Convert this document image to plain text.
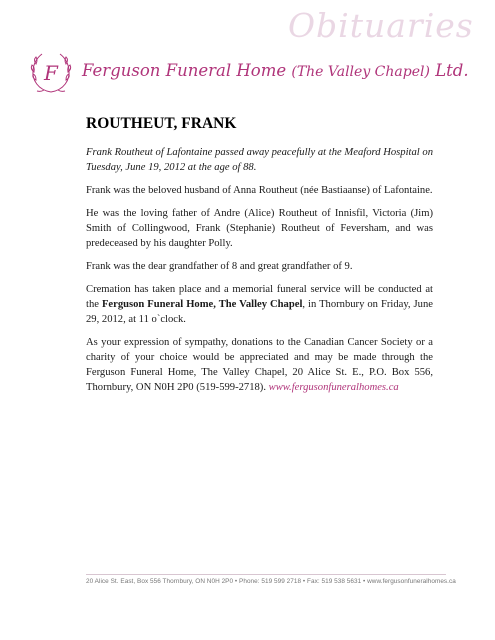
Obituaries
F Ferguson Funeral Home (The Valley Chapel) Ltd.
ROUTHEUT, FRANK

Frank Routheut of Lafontaine passed away peacefully at the Meaford Hospital on Tuesday, June 19, 2012 at the age of 88.

Frank was the beloved husband of Anna Routheut (née Bastiaanse) of Lafontaine.

He was the loving father of Andre (Alice) Routheut of Innisfil, Victoria (Jim) Smith of Collingwood, Frank (Stephanie) Routheut of Feversham, and was predeceased by his daughter Polly.

Frank was the dear grandfather of 8 and great grandfather of 9.

Cremation has taken place and a memorial funeral service will be conducted at the Ferguson Funeral Home, The Valley Chapel, in Thornbury on Friday, June 29, 2012, at 11 o`clock.

As your expression of sympathy, donations to the Canadian Cancer Society or a charity of your choice would be appreciated and may be made through the Ferguson Funeral Home, The Valley Chapel, 20 Alice St. E., P.O. Box 556, Thornbury, ON N0H 2P0 (519-599-2718). www.fergusonfuneralhomes.ca

20 Alice St. East, Box 556 Thornbury, ON N0H 2P0 • Phone: 519 599 2718 • Fax: 519 538 5631 • www.fergusonfuneralhomes.ca
